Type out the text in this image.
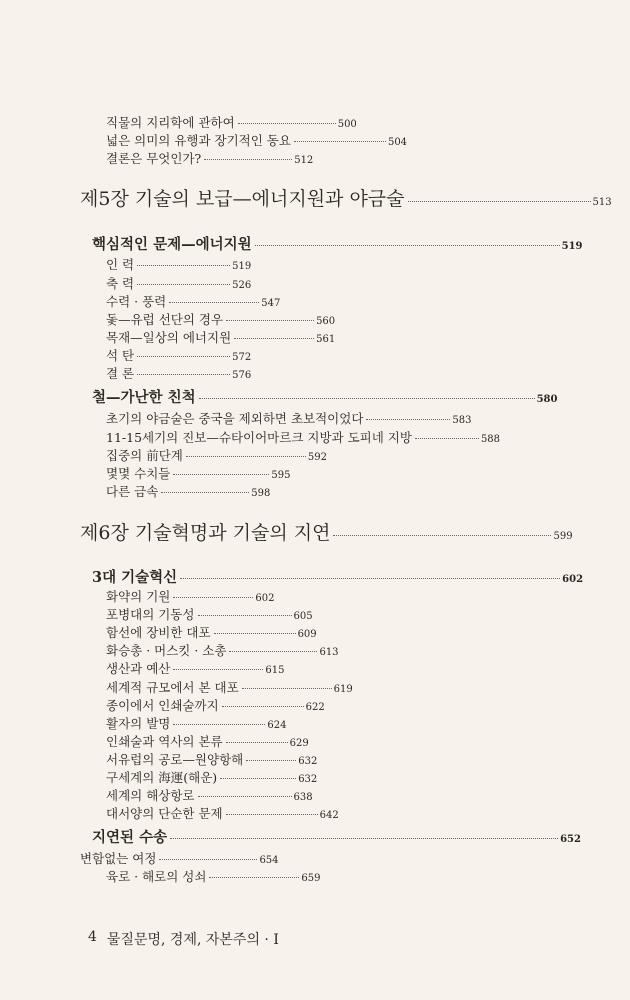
직물의 지리학에 관하여	500
넓은 의미의 유행과 장기적인 동요	504
결론은 무엇인가?	512
제5장 기술의 보급—에너지원과 야금술	513
핵심적인 문제—에너지원	519
인 력	519
축 력	526
수력 · 풍력	547
돛—유럽 선단의 경우	560
목재—일상의 에너지원	561
석 탄	572
결 론	576
철—가난한 친척	580
초기의 야금술은 중국을 제외하면 초보적이었다	583
11-15세기의 진보—슈타이어마르크 지방과 도피네 지방	588
집중의 前단계	592
몇몇 수치들	595
다른 금속	598
제6장 기술혁명과 기술의 지연	599
3대 기술혁신	602
화약의 기원	602
포병대의 기동성	605
함선에 장비한 대포	609
화승총 · 머스킷 · 소총	613
생산과 예산	615
세계적 규모에서 본 대포	619
종이에서 인쇄술까지	622
활자의 발명	624
인쇄술과 역사의 본류	629
서유럽의 공로—원양항해	632
구세계의 海運(해운)	632
세계의 해상항로	638
대서양의 단순한 문제	642
지연된 수송	652
변함없는 여정	654
육로 · 해로의 성쇠	659
4 물질문명, 경제, 자본주의 · I
